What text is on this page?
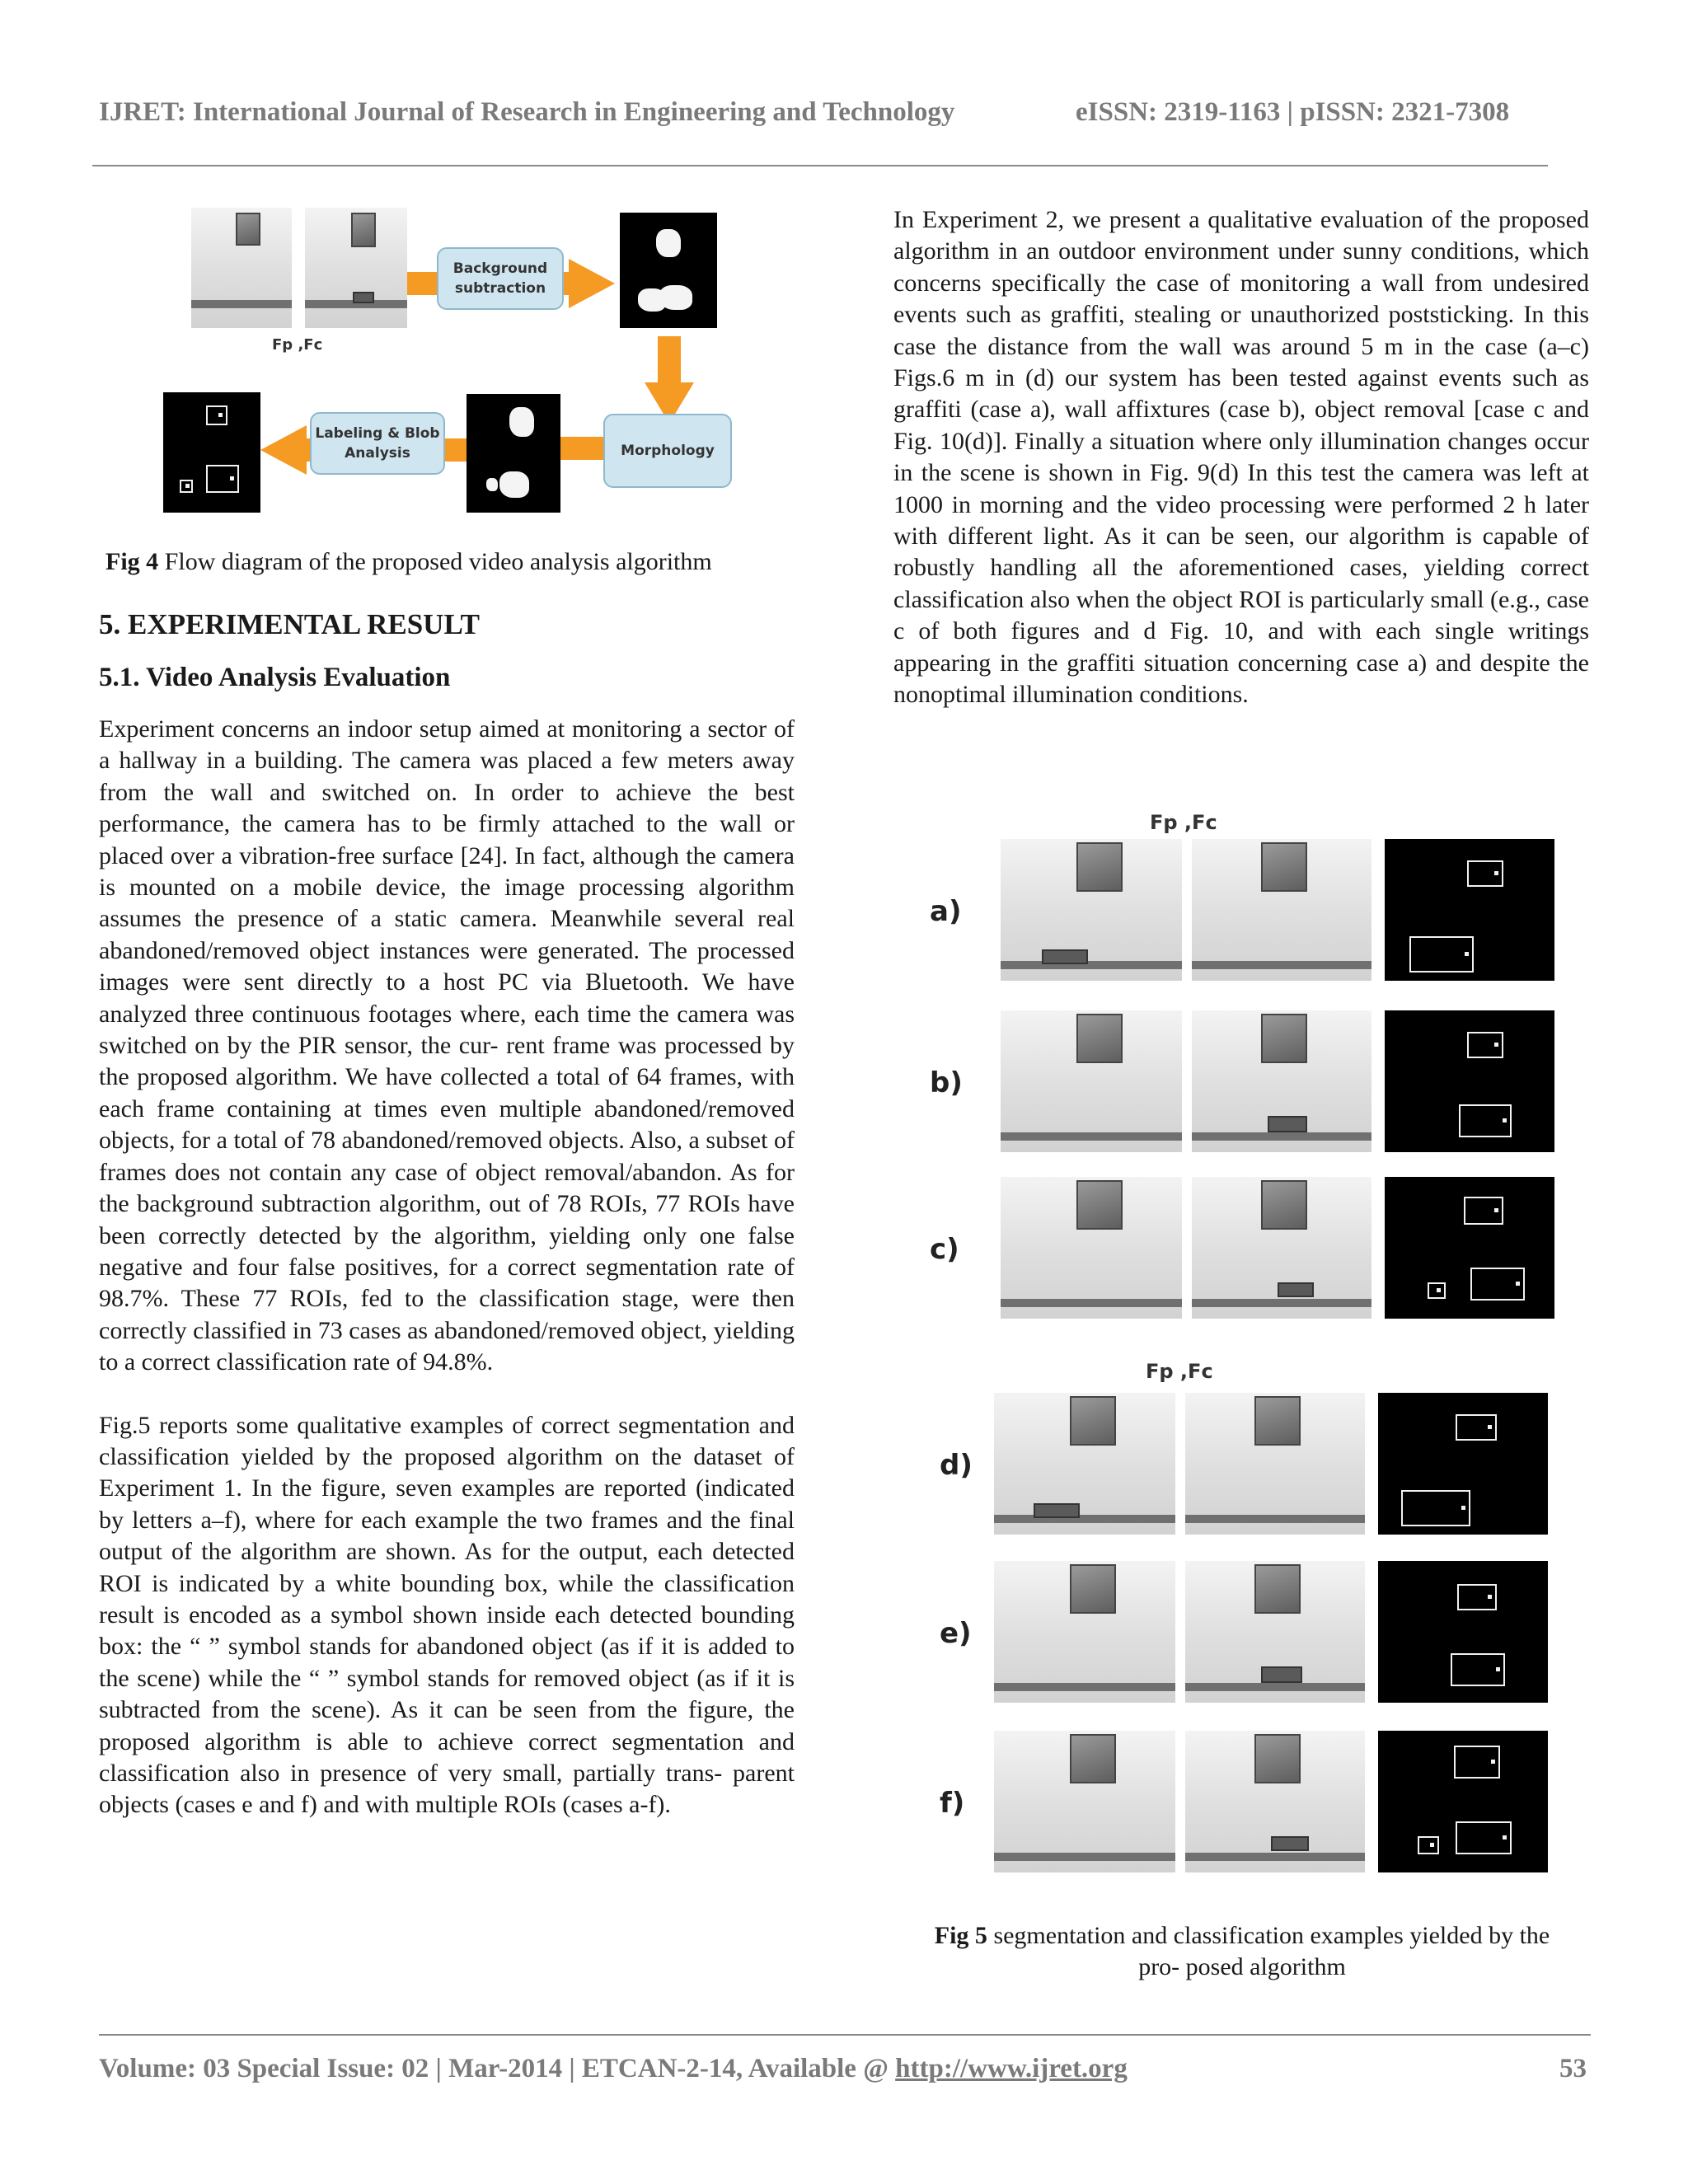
IJRET: International Journal of Research in Engineering and Technology	eISSN: 2319-1163 | pISSN: 2321-7308
Fp ,Fc
Background subtraction
Morphology
Labeling & Blob Analysis
Fig 4 Flow diagram of the proposed video analysis algorithm
5. EXPERIMENTAL RESULT
5.1. Video Analysis Evaluation

Experiment concerns an indoor setup aimed at monitoring a sector of a hallway in a building. The camera was placed a few meters away from the wall and switched on. In order to achieve the best performance, the camera has to be firmly attached to the wall or placed over a vibration-free surface [24]. In fact, although the camera is mounted on a mobile device, the image processing algorithm assumes the presence of a static camera. Meanwhile several real abandoned/removed object instances were generated. The processed images were sent directly to a host PC via Bluetooth. We have analyzed three continuous footages where, each time the camera was switched on by the PIR sensor, the cur- rent frame was processed by the proposed algorithm. We have collected a total of 64 frames, with each frame containing at times even multiple abandoned/removed objects, for a total of 78 abandoned/removed objects. Also, a subset of frames does not contain any case of object removal/abandon. As for the background subtraction algorithm, out of 78 ROIs, 77 ROIs have been correctly detected by the algorithm, yielding only one false negative and four false positives, for a correct segmentation rate of 98.7%. These 77 ROIs, fed to the classification stage, were then correctly classified in 73 cases as abandoned/removed object, yielding to a correct classification rate of 94.8%.

Fig.5 reports some qualitative examples of correct segmentation and classification yielded by the proposed algorithm on the dataset of Experiment 1. In the figure, seven examples are reported (indicated by letters a–f), where for each example the two frames and the final output of the algorithm are shown. As for the output, each detected ROI is indicated by a white bounding box, while the classification result is encoded as a symbol shown inside each detected bounding box: the “ ” symbol stands for abandoned object (as if it is added to the scene) while the “ ” symbol stands for removed object (as if it is subtracted from the scene). As it can be seen from the figure, the proposed algorithm is able to achieve correct segmentation and classification also in presence of very small, partially trans- parent objects (cases e and f) and with multiple ROIs (cases a-f).

In Experiment 2, we present a qualitative evaluation of the proposed algorithm in an outdoor environment under sunny conditions, which concerns specifically the case of monitoring a wall from undesired events such as graffiti, stealing or unauthorized poststicking. In this case the distance from the wall was around 5 m in the case (a–c) Figs.6 m in (d) our system has been tested against events such as graffiti (case a), wall affixtures (case b), object removal [case c and Fig. 10(d)]. Finally a situation where only illumination changes occur in the scene is shown in Fig. 9(d) In this test the camera was left at 1000 in morning and the video processing were performed 2 h later with different light. As it can be seen, our algorithm is capable of robustly handling all the aforementioned cases, yielding correct classification also when the object ROI is particularly small (e.g., case c of both figures and d Fig. 10, and with each single writings appearing in the graffiti situation concerning case a) and despite the nonoptimal illumination conditions.

Fp ,Fc
Fp ,Fc
a)
b)
c)
d)
e)
f)
Fig 5 segmentation and classification examples yielded by the
pro- posed algorithm
Volume: 03 Special Issue: 02 | Mar-2014 | ETCAN-2-14, Available @ http://www.ijret.org	53
